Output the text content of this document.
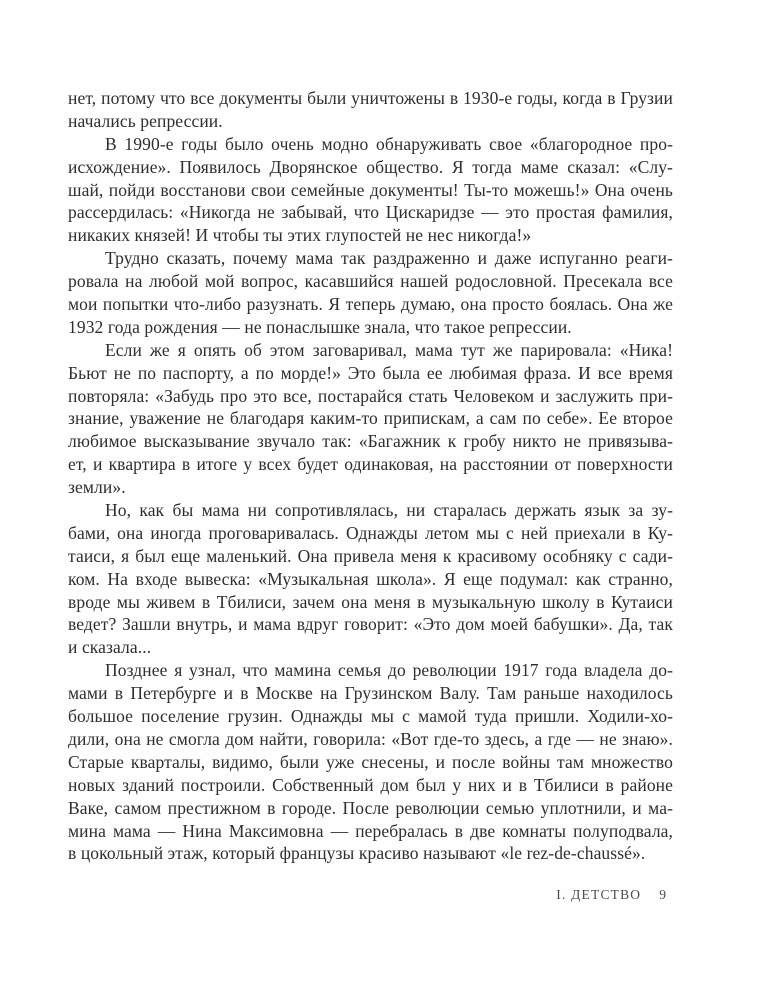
нет, потому что все документы были уничтожены в 1930-е годы, когда в Грузии
начались репрессии.
В 1990-е годы было очень модно обнаруживать свое «благородное про-
исхождение». Появилось Дворянское общество. Я тогда маме сказал: «Слу-
шай, пойди восстанови свои семейные документы! Ты-то можешь!» Она очень
рассердилась: «Никогда не забывай, что Цискаридзе — это простая фамилия,
никаких князей! И чтобы ты этих глупостей не нес никогда!»
Трудно сказать, почему мама так раздраженно и даже испуганно реаги-
ровала на любой мой вопрос, касавшийся нашей родословной. Пресекала все
мои попытки что-либо разузнать. Я теперь думаю, она просто боялась. Она же
1932 года рождения — не понаслышке знала, что такое репрессии.
Если же я опять об этом заговаривал, мама тут же парировала: «Ника!
Бьют не по паспорту, а по морде!» Это была ее любимая фраза. И все время
повторяла: «Забудь про это все, постарайся стать Человеком и заслужить при-
знание, уважение не благодаря каким-то припискам, а сам по себе». Ее второе
любимое высказывание звучало так: «Багажник к гробу никто не привязыва-
ет, и квартира в итоге у всех будет одинаковая, на расстоянии от поверхности
земли».
Но, как бы мама ни сопротивлялась, ни старалась держать язык за зу-
бами, она иногда проговаривалась. Однажды летом мы с ней приехали в Ку-
таиси, я был еще маленький. Она привела меня к красивому особняку с сади-
ком. На входе вывеска: «Музыкальная школа». Я еще подумал: как странно,
вроде мы живем в Тбилиси, зачем она меня в музыкальную школу в Кутаиси
ведет? Зашли внутрь, и мама вдруг говорит: «Это дом моей бабушки». Да, так
и сказала...
Позднее я узнал, что мамина семья до революции 1917 года владела до-
мами в Петербурге и в Москве на Грузинском Валу. Там раньше находилось
большое поселение грузин. Однажды мы с мамой туда пришли. Ходили-хо-
дили, она не смогла дом найти, говорила: «Вот где-то здесь, а где — не знаю».
Старые кварталы, видимо, были уже снесены, и после войны там множество
новых зданий построили. Собственный дом был у них и в Тбилиси в районе
Ваке, самом престижном в городе. После революции семью уплотнили, и ма-
мина мама — Нина Максимовна — перебралась в две комнаты полуподвала,
в цокольный этаж, который французы красиво называют «le rez-de-chaussé».
I. ДЕТСТВО 9
